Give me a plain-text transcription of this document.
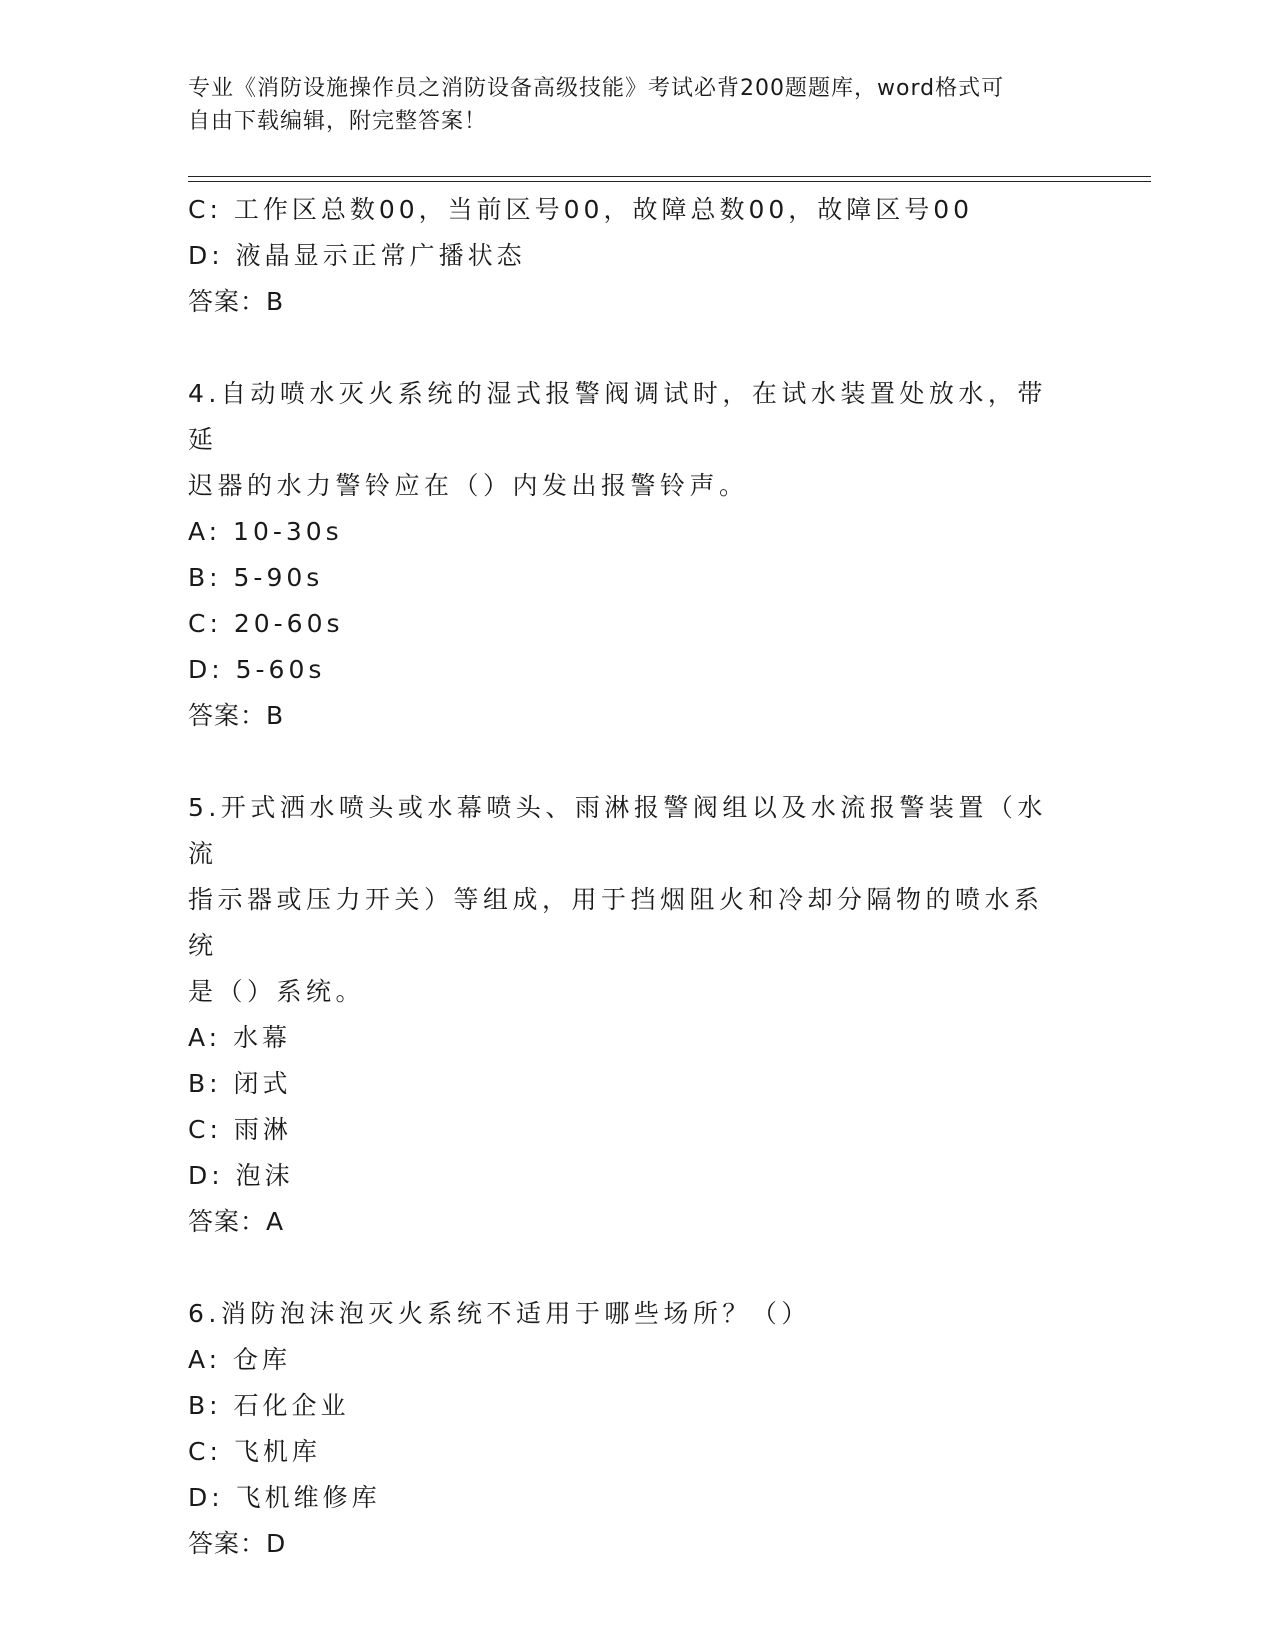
专业《消防设施操作员之消防设备高级技能》考试必背200题题库，word格式可
自由下载编辑，附完整答案！
C: 工作区总数00，当前区号00，故障总数00，故障区号00
D: 液晶显示正常广播状态
答案：B
4.自动喷水灭火系统的湿式报警阀调试时，在试水装置处放水，带延
迟器的水力警铃应在（）内发出报警铃声。
A: 10-30s
B: 5-90s
C: 20-60s
D: 5-60s
答案：B
5.开式洒水喷头或水幕喷头、雨淋报警阀组以及水流报警装置（水流
指示器或压力开关）等组成，用于挡烟阻火和冷却分隔物的喷水系统
是（）系统。
A: 水幕
B: 闭式
C: 雨淋
D: 泡沫
答案：A
6.消防泡沫泡灭火系统不适用于哪些场所？（）
A: 仓库
B: 石化企业
C: 飞机库
D: 飞机维修库
答案：D
